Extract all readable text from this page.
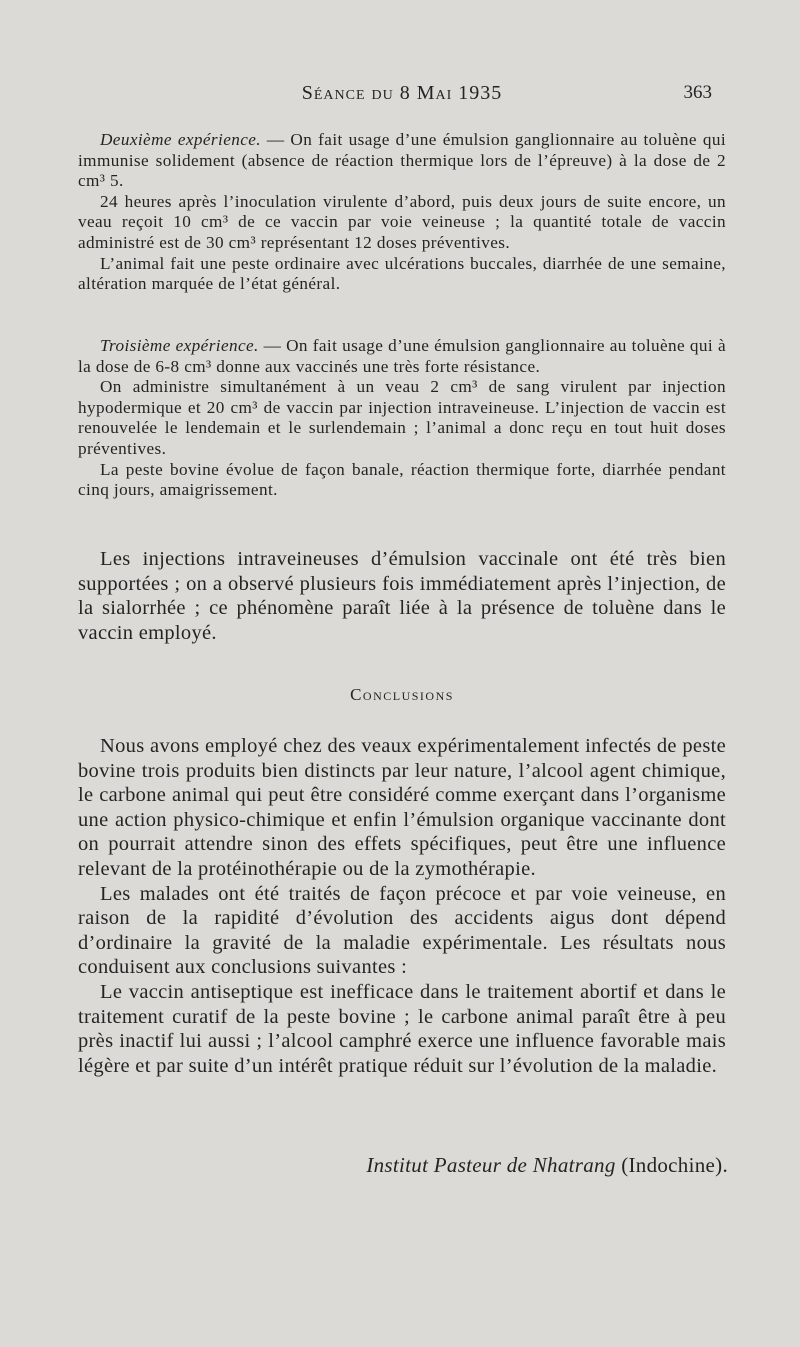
Séance du 8 Mai 1935	363

Deuxième expérience. — On fait usage d’une émulsion ganglionnaire au toluène qui immunise solidement (absence de réaction thermique lors de l’épreuve) à la dose de 2 cm³ 5.

24 heures après l’inoculation virulente d’abord, puis deux jours de suite encore, un veau reçoit 10 cm³ de ce vaccin par voie veineuse ; la quantité totale de vaccin administré est de 30 cm³ représentant 12 doses préventives.

L’animal fait une peste ordinaire avec ulcérations buccales, diarrhée de une semaine, altération marquée de l’état général.

Troisième expérience. — On fait usage d’une émulsion ganglionnaire au toluène qui à la dose de 6-8 cm³ donne aux vaccinés une très forte résistance.

On administre simultanément à un veau 2 cm³ de sang virulent par injection hypodermique et 20 cm³ de vaccin par injection intraveineuse. L’injection de vaccin est renouvelée le lendemain et le surlendemain ; l’animal a donc reçu en tout huit doses préventives.

La peste bovine évolue de façon banale, réaction thermique forte, diarrhée pendant cinq jours, amaigrissement.

Les injections intraveineuses d’émulsion vaccinale ont été très bien supportées ; on a observé plusieurs fois immédiatement après l’injection, de la sialorrhée ; ce phénomène paraît liée à la présence de toluène dans le vaccin employé.

Conclusions

Nous avons employé chez des veaux expérimentalement infectés de peste bovine trois produits bien distincts par leur nature, l’alcool agent chimique, le carbone animal qui peut être considéré comme exerçant dans l’organisme une action physico-chimique et enfin l’émulsion organique vaccinante dont on pourrait attendre sinon des effets spécifiques, peut être une influence relevant de la protéinothérapie ou de la zymothérapie.

Les malades ont été traités de façon précoce et par voie veineuse, en raison de la rapidité d’évolution des accidents aigus dont dépend d’ordinaire la gravité de la maladie expérimentale. Les résultats nous conduisent aux conclusions suivantes :

Le vaccin antiseptique est inefficace dans le traitement abortif et dans le traitement curatif de la peste bovine ; le carbone animal paraît être à peu près inactif lui aussi ; l’alcool camphré exerce une influence favorable mais légère et par suite d’un intérêt pratique réduit sur l’évolution de la maladie.

Institut Pasteur de Nhatrang (Indochine).
